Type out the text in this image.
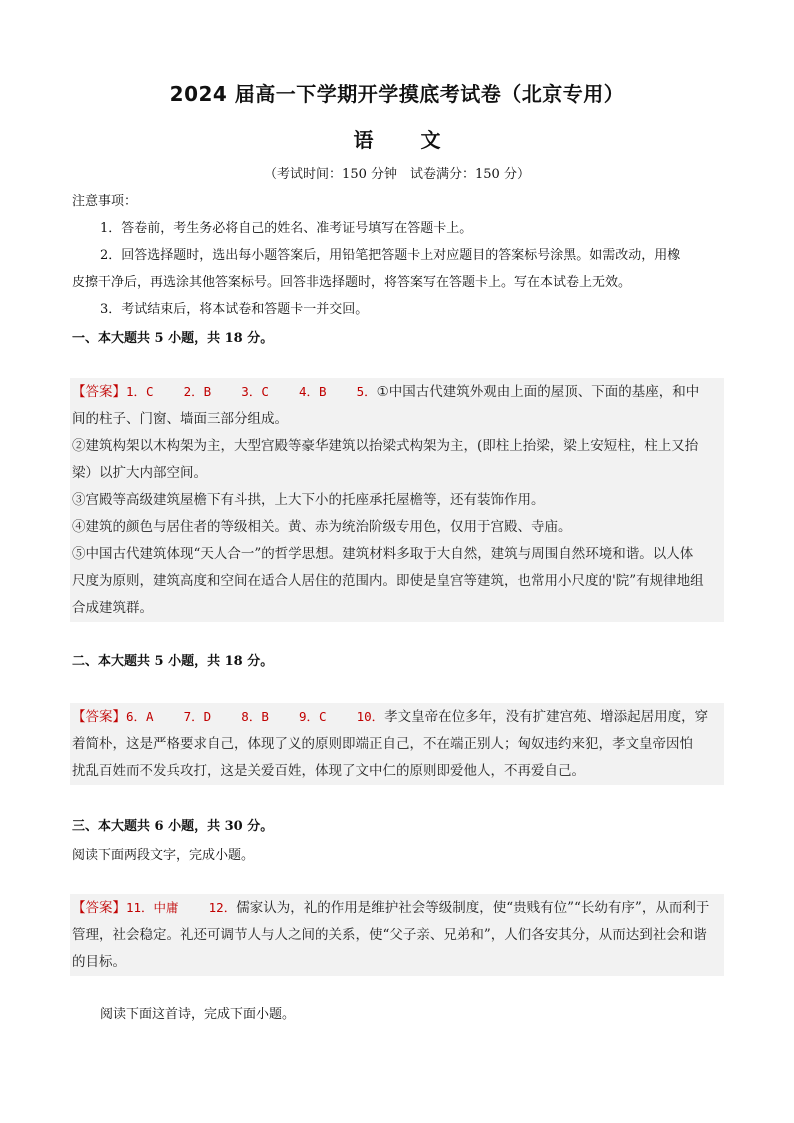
2024 届高一下学期开学摸底考试卷（北京专用）
语 文
（考试时间：150 分钟　试卷满分：150 分）
注意事项：
1．答卷前，考生务必将自己的姓名、准考证号填写在答题卡上。
2．回答选择题时，选出每小题答案后，用铅笔把答题卡上对应题目的答案标号涂黑。如需改动，用橡
皮擦干净后，再选涂其他答案标号。回答非选择题时，将答案写在答题卡上。写在本试卷上无效。
3．考试结束后，将本试卷和答题卡一并交回。
一、本大题共 5 小题，共 18 分。

【答案】1．C    2．B    3．C    4．B    5．①中国古代建筑外观由上面的屋顶、下面的基座，和中

间的柱子、门窗、墙面三部分组成。

②建筑构架以木构架为主，大型宫殿等豪华建筑以抬梁式构架为主，(即柱上抬梁，梁上安短柱，柱上又抬

梁）以扩大内部空间。

③宫殿等高级建筑屋檐下有斗拱，上大下小的托座承托屋檐等，还有装饰作用。

④建筑的颜色与居住者的等级相关。黄、赤为统治阶级专用色，仅用于宫殿、寺庙。

⑤中国古代建筑体现“天人合一”的哲学思想。建筑材料多取于大自然，建筑与周围自然环境和谐。以人体

尺度为原则，建筑高度和空间在适合人居住的范围内。即使是皇宫等建筑，也常用小尺度的'院”有规律地组

合成建筑群。

二、本大题共 5 小题，共 18 分。

【答案】6．A    7．D    8．B    9．C    10．孝文皇帝在位多年，没有扩建宫苑、增添起居用度，穿

着简朴，这是严格要求自己，体现了义的原则即端正自己，不在端正别人；匈奴违约来犯，孝文皇帝因怕

扰乱百姓而不发兵攻打，这是关爱百姓，体现了文中仁的原则即爱他人，不再爱自己。

三、本大题共 6 小题，共 30 分。
阅读下面两段文字，完成小题。

【答案】11．中庸    12．儒家认为，礼的作用是维护社会等级制度，使“贵贱有位”“长幼有序”，从而利于

管理，社会稳定。礼还可调节人与人之间的关系，使“父子亲、兄弟和”，人们各安其分，从而达到社会和谐

的目标。

阅读下面这首诗，完成下面小题。
